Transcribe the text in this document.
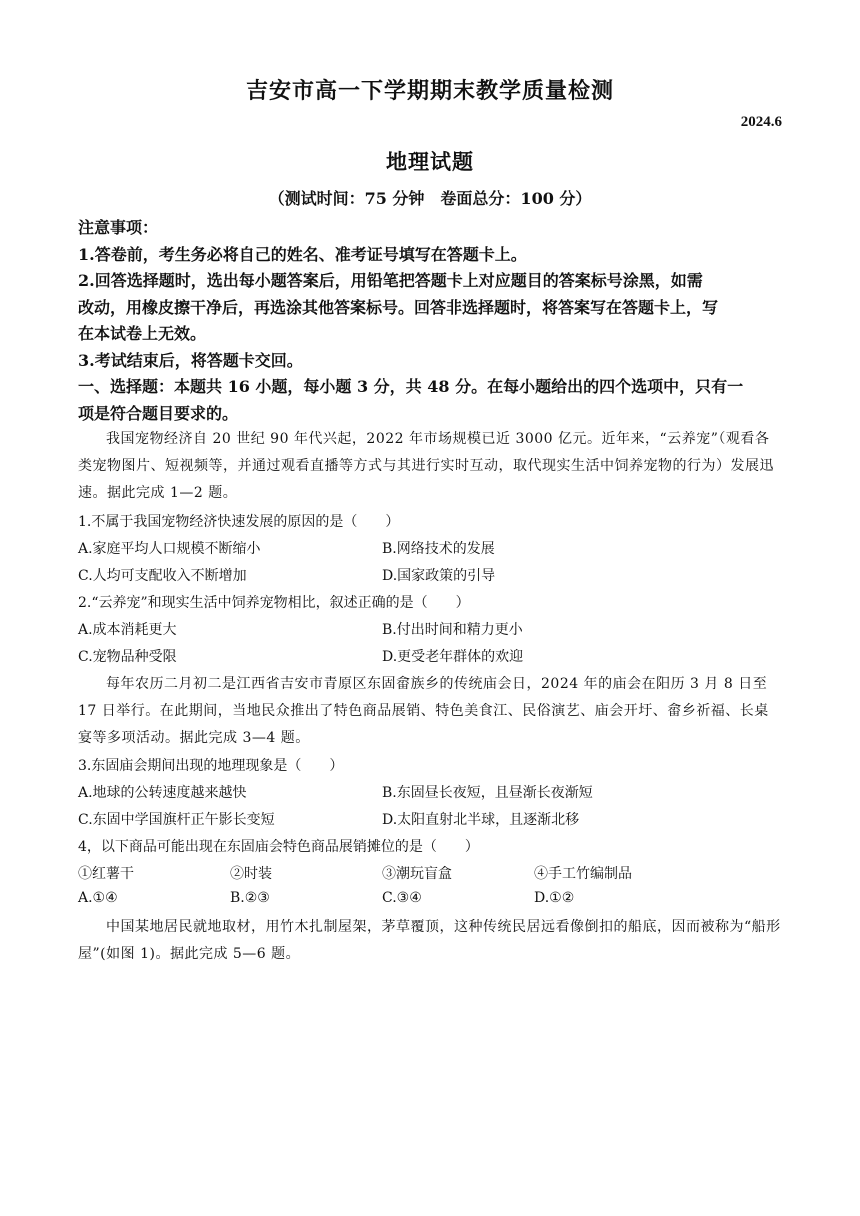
吉安市高一下学期期末教学质量检测
2024.6
地理试题
（测试时间：75 分钟　卷面总分：100 分）
注意事项：
1.答卷前，考生务必将自己的姓名、准考证号填写在答题卡上。
2.回答选择题时，选出每小题答案后，用铅笔把答题卡上对应题目的答案标号涂黑，如需
改动，用橡皮擦干净后，再选涂其他答案标号。回答非选择题时，将答案写在答题卡上，写
在本试卷上无效。
3.考试结束后，将答题卡交回。
一、选择题：本题共 16 小题，每小题 3 分，共 48 分。在每小题给出的四个选项中，只有一
项是符合题目要求的。
我国宠物经济自 20 世纪 90 年代兴起，2022 年市场规模已近 3000 亿元。近年来，“云养宠”（观看各类宠物图片、短视频等，并通过观看直播等方式与其进行实时互动，取代现实生活中饲养宠物的行为）发展迅速。据此完成 1—2 题。
1.不属于我国宠物经济快速发展的原因的是（　　）
A.家庭平均人口规模不断缩小	B.网络技术的发展
C.人均可支配收入不断增加	D.国家政策的引导
2.“云养宠”和现实生活中饲养宠物相比，叙述正确的是（　　）
A.成本消耗更大	B.付出时间和精力更小
C.宠物品种受限	D.更受老年群体的欢迎
每年农历二月初二是江西省吉安市青原区东固畲族乡的传统庙会日，2024 年的庙会在阳历 3 月 8 日至 17 日举行。在此期间，当地民众推出了特色商品展销、特色美食江、民俗演艺、庙会开圩、畲乡祈福、长桌宴等多项活动。据此完成 3—4 题。
3.东固庙会期间出现的地理现象是（　　）
A.地球的公转速度越来越快	B.东固昼长夜短，且昼渐长夜渐短
C.东固中学国旗杆正午影长变短	D.太阳直射北半球，且逐渐北移
4，以下商品可能出现在东固庙会特色商品展销摊位的是（　　）
①红薯干	②时装	③潮玩盲盒	④手工竹编制品
A.①④	B.②③	C.③④	D.①②
中国某地居民就地取材，用竹木扎制屋架，茅草覆顶，这种传统民居远看像倒扣的船底，因而被称为“船形屋”(如图 1)。据此完成 5—6 题。
